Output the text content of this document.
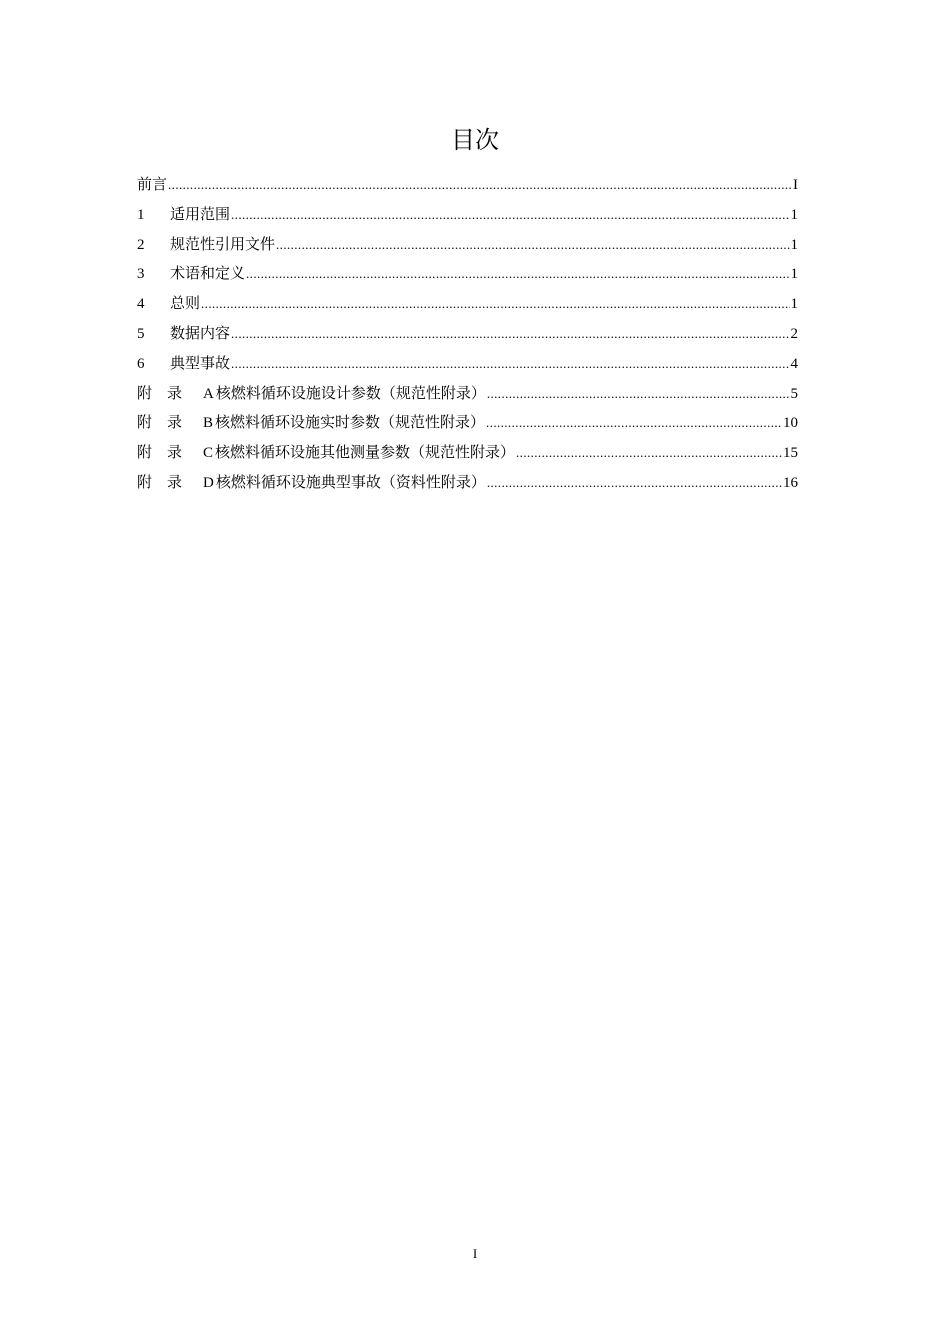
目次
前言 .....	I
1	适用范围 .....	1
2	规范性引用文件 .....	1
3	术语和定义 .....	1
4	总则 .....	1
5	数据内容 .....	2
6	典型事故 .....	4
附 录	A 核燃料循环设施设计参数（规范性附录） .....	5
附 录	B 核燃料循环设施实时参数（规范性附录） .....	10
附 录	C 核燃料循环设施其他测量参数（规范性附录） .....	15
附 录	D 核燃料循环设施典型事故（资料性附录） .....	16
I
